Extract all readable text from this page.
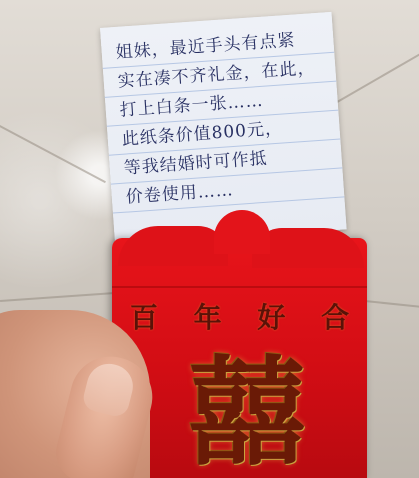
姐妹，最近手头有点紧
实在凑不齐礼金，在此，
打上白条一张……
此纸条价值800元，
等我结婚时可作抵
价卷使用……
百 年 好 合
囍
